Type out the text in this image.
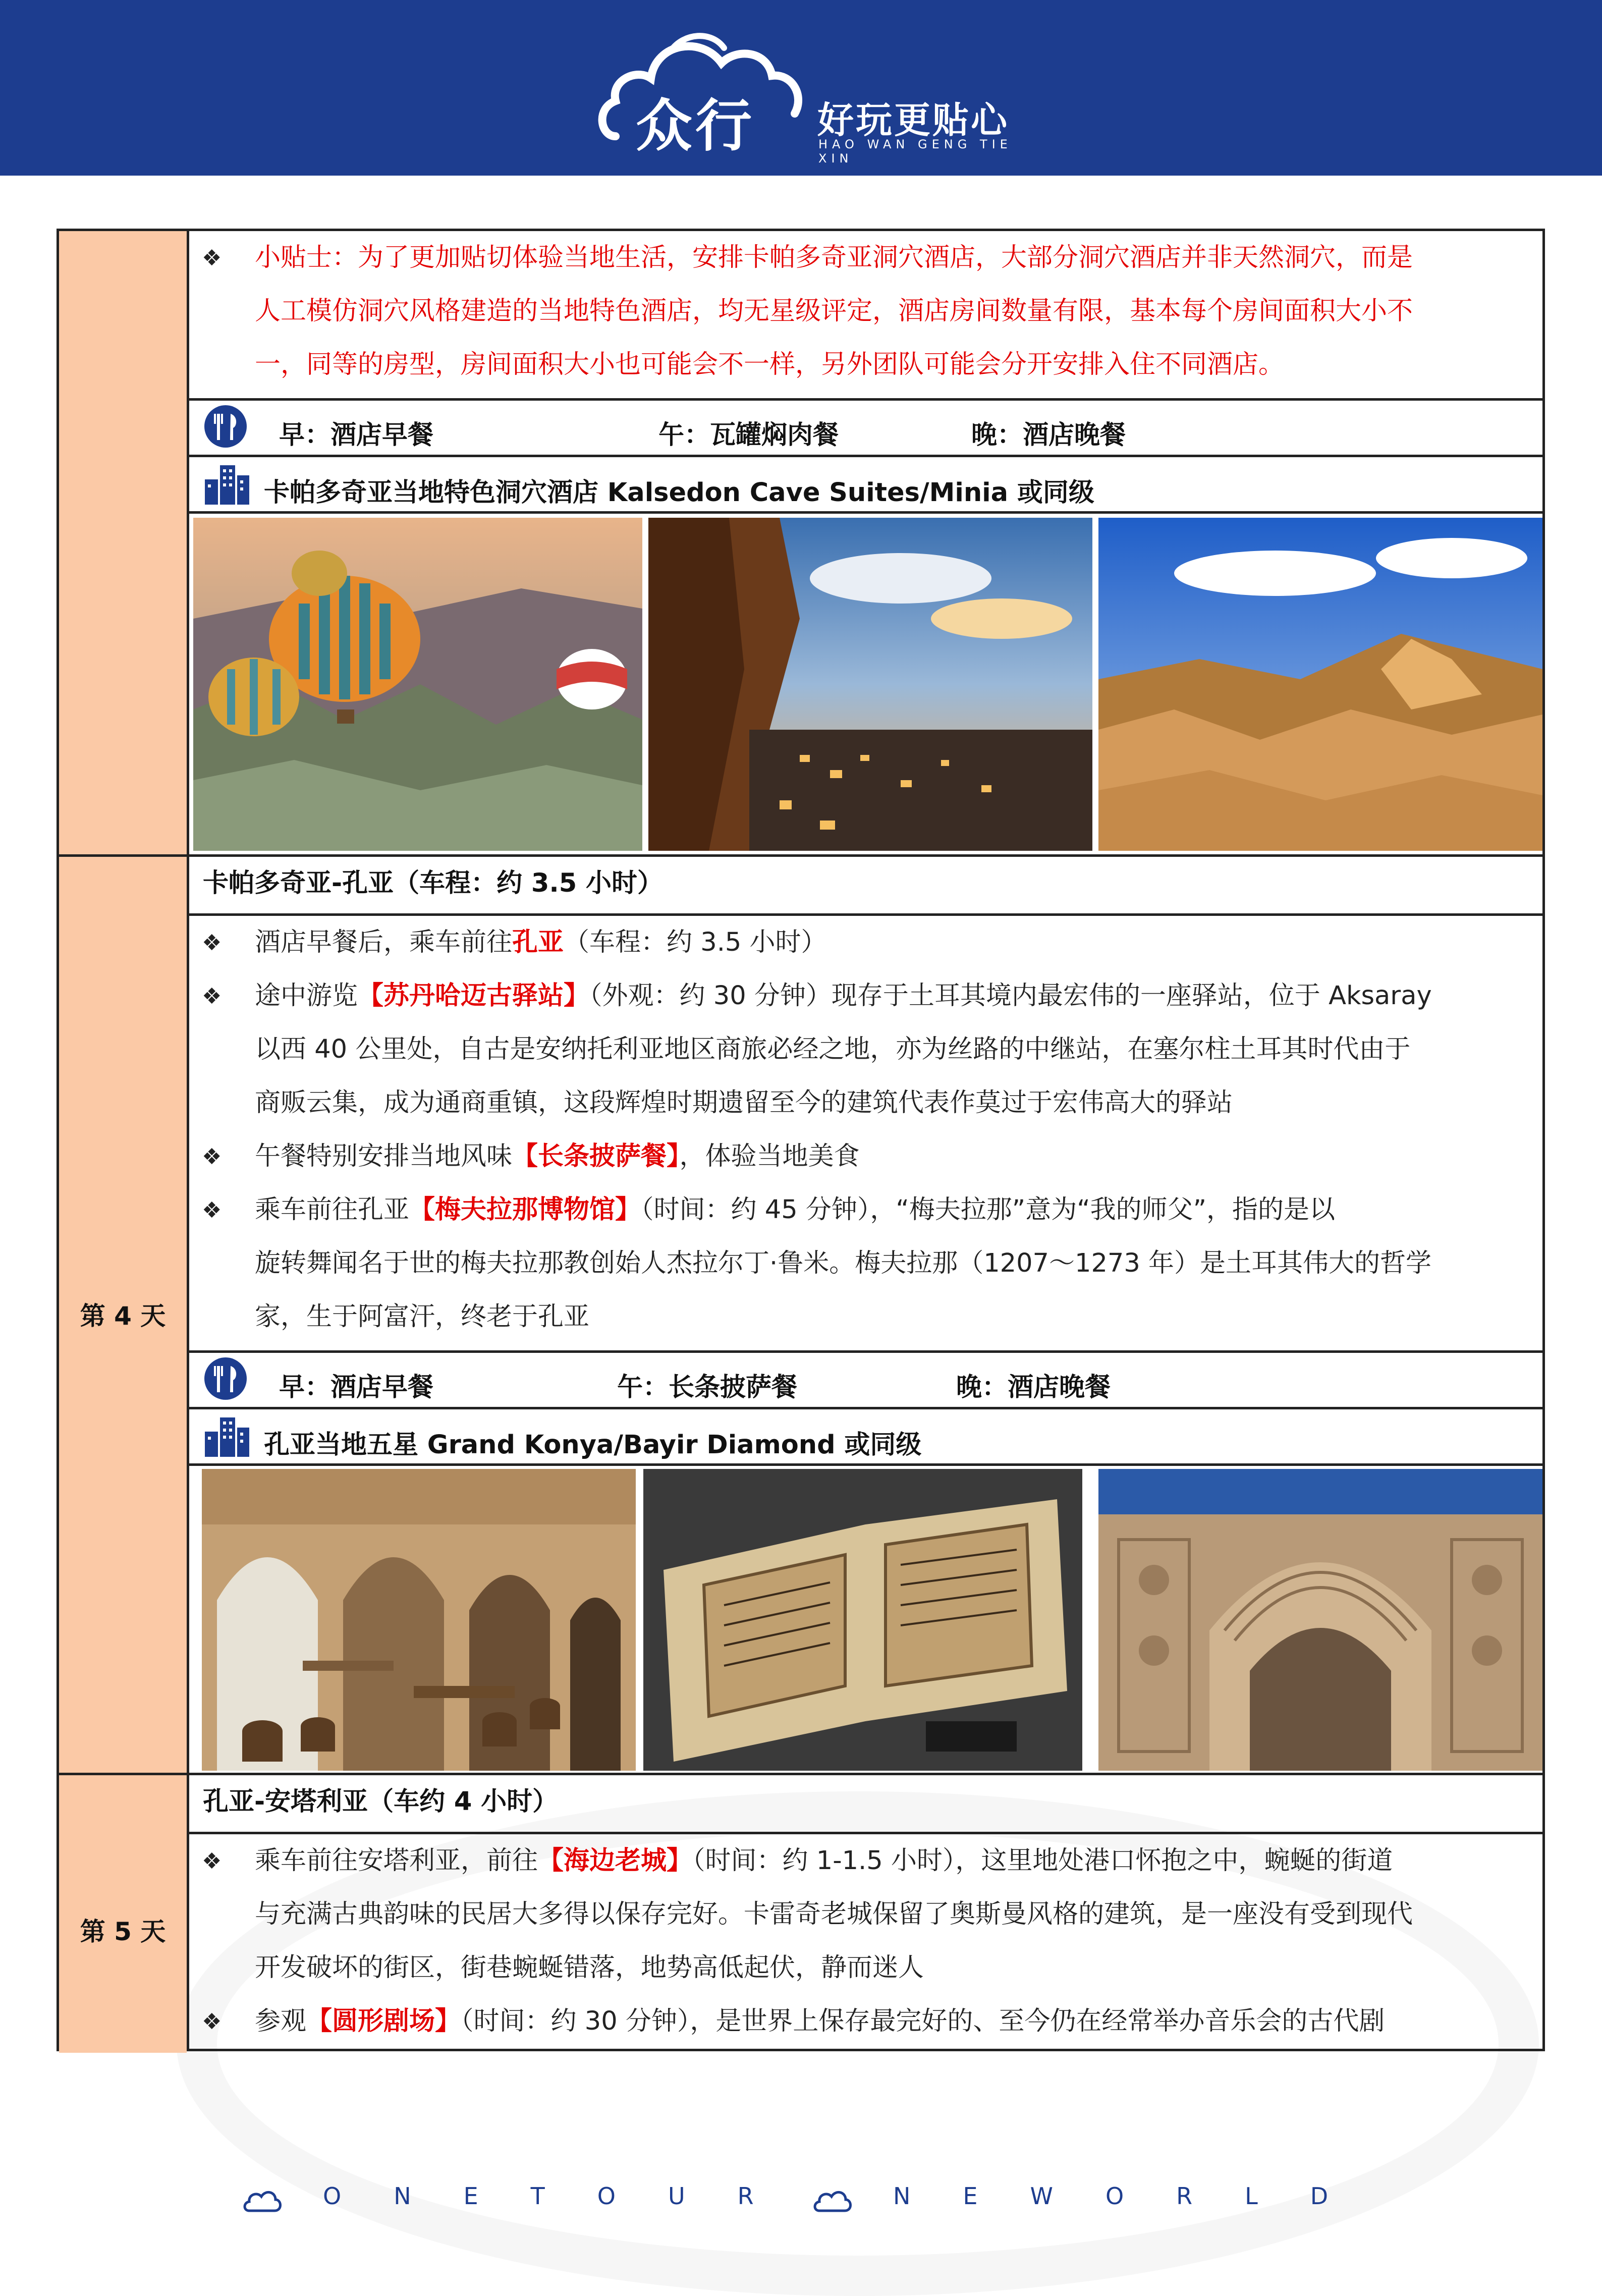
众行 好玩更贴心
HAO WAN GENG TIE XIN
第 4 天
第 5 天
❖ 小贴士：为了更加贴切体验当地生活，安排卡帕多奇亚洞穴酒店，大部分洞穴酒店并非天然洞穴，而是
人工模仿洞穴风格建造的当地特色酒店，均无星级评定，酒店房间数量有限，基本每个房间面积大小不
一，同等的房型，房间面积大小也可能会不一样，另外团队可能会分开安排入住不同酒店。
早：酒店早餐	午：瓦罐焖肉餐	晚：酒店晚餐
卡帕多奇亚当地特色洞穴酒店 Kalsedon Cave Suites/Minia 或同级
卡帕多奇亚-孔亚（车程：约 3.5 小时）
❖ 酒店早餐后，乘车前往孔亚（车程：约 3.5 小时）
❖ 途中游览【苏丹哈迈古驿站】（外观：约 30 分钟）现存于土耳其境内最宏伟的一座驿站，位于 Aksaray
以西 40 公里处，自古是安纳托利亚地区商旅必经之地，亦为丝路的中继站，在塞尔柱土耳其时代由于
商贩云集，成为通商重镇，这段辉煌时期遗留至今的建筑代表作莫过于宏伟高大的驿站
❖ 午餐特别安排当地风味【长条披萨餐】，体验当地美食
❖ 乘车前往孔亚【梅夫拉那博物馆】（时间：约 45 分钟），“梅夫拉那”意为“我的师父”，指的是以
旋转舞闻名于世的梅夫拉那教创始人杰拉尔丁·鲁米。梅夫拉那（1207～1273 年）是土耳其伟大的哲学
家，生于阿富汗，终老于孔亚
早：酒店早餐	午：长条披萨餐	晚：酒店晚餐
孔亚当地五星 Grand Konya/Bayir Diamond 或同级
孔亚-安塔利亚（车约 4 小时）
❖ 乘车前往安塔利亚，前往【海边老城】（时间：约 1-1.5 小时），这里地处港口怀抱之中，蜿蜒的街道
与充满古典韵味的民居大多得以保存完好。卡雷奇老城保留了奥斯曼风格的建筑，是一座没有受到现代
开发破坏的街区，街巷蜿蜒错落，地势高低起伏，静而迷人
❖ 参观【圆形剧场】（时间：约 30 分钟），是世界上保存最完好的、至今仍在经常举办音乐会的古代剧
ONETOUR	NEWORLD
